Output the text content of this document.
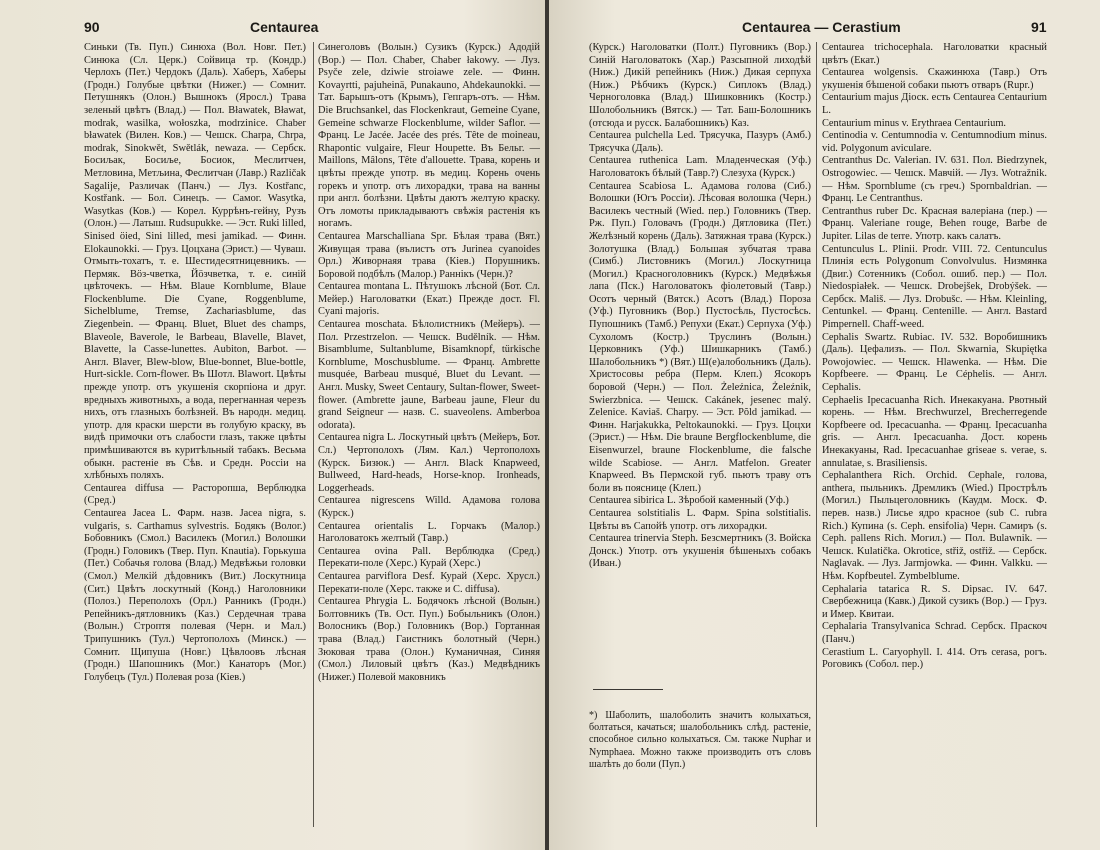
90	Centaurea

Синьки (Тв. Пуп.) Синюха (Вол. Новг. Пет.) Синюка (Сл. Церк.) Сойвица тр. (Кондр.) Черлохъ (Пет.) Чердокъ (Даль). Хаберъ, Хаберы (Гродн.) Голубые цвѣтки (Нижег.) — Сомнит. Петушнякъ (Олон.) Вышнокъ (Яросл.) Трава зеленый цвѣтъ (Влад.) — Пол. Bławatek, Bławat, modrak, wasilka, wołoszka, modrzinice. Chaber bławatek (Вилен. Ков.) — Чешск. Charpa, Chrpa, modrak, Sinokwět, Swětlák, newaza. — Сербск. Босиљак, Босиље, Босиок, Меслитчен, Метловина, Метљина, Фeслитчан (Лавр.) Različak Sagalije, Различак (Панч.) — Луз. Kostřanc, Kostřank. — Бол. Синецъ. — Самог. Wasytka, Wasytkas (Ков.) — Корел. Куррѣнъ-гейну, Рузъ (Олон.) — Латыш. Rudsupukke. — Эст. Ruki lilled, Sinised öied, Sini lilled, mesi jamikad. — Финн. Elokaunokki. — Груз. Цоцхана (Эрист.) — Чуваш. Отмыть-тохатъ, т. е. Шестидесятницевникъ. — Пермяк. Вöз-чветка, Йöзчветка, т. е. синій цвѣточекъ. — Нѣм. Blaue Kornblume, Blaue Flockenblume. Die Cyane, Roggenblume, Sichelblume, Tremse, Zachariasblume, das Ziegenbein. — Франц. Bluet, Bluet des champs, Blaveole, Baverole, le Barbeau, Blavelle, Blavet, Blavette, la Casse-lunettes. Aubiton, Barbot. — Англ. Blaver, Blew-blow, Blue-bonnet, Blue-bottle, Hurt-sickle. Corn-flower. Въ Шотл. Blawort. Цвѣты прежде употр. отъ укушенія скорпіона и друг. вредныхъ животныхъ, а вода, перегнанная черезъ нихъ, отъ глазныхъ болѣзней. Въ народн. медиц. употр. для краски шерсти въ голубую краску, въ видѣ примочки отъ слабости глазъ, также цвѣты примѣшиваются въ куритѣльный табакъ. Весьма обыкн. растеніе въ Сѣв. и Средн. Россіи на хлѣбныхъ поляхъ.

Centaurea diffusa — Расторопша, Верблюдка (Сред.)

Centaurea Jacea L. Фарм. назв. Jacea nigra, s. vulgaris, s. Carthamus sylvestris. Бодякъ (Волог.) Бобовникъ (Смол.) Василекъ (Могил.) Волошки (Гродн.) Головикъ (Твер. Пуп. Knautia). Горькуша (Пет.) Собачья голова (Влад.) Медвѣжьи головки (Смол.) Мелкій дѣдовникъ (Вит.) Лоскутница (Сит.) Цвѣтъ лоскутный (Конд.) Наголовники (Полоз.) Переполохъ (Орл.) Ранникъ (Гродн.) Репейникъ-дятловникъ (Каз.) Сердечная трава (Волын.) Строптя полевая (Черн. и Мал.) Трипушникъ (Тул.) Чертополохъ (Минск.) — Сомнит. Щипуша (Новг.) Цѣвлоовъ лѣсная (Гродн.) Шапошникъ (Мог.) Канаторъ (Мог.) Голубецъ (Тул.) Полевая роза (Кіев.)

Синеголовъ (Волын.) Сузикъ (Курск.) Адодій (Вор.) — Пол. Chaber, Chaber łakowy. — Луз. Psyče zele, dziwie stroiawe zele. — Финн. Kovayrtti, pajuheinä, Punakauno, Ahdekaunokki. — Тат. Барышъ-отъ (Крымъ), Гепгаръ-отъ. — Нѣм. Die Bruchsankel, das Flockenkraut, Gemeine Cyane, Gemeine schwarze Flockenblume, wilder Saflor. — Франц. Le Jacée. Jacée des prés. Tête de moineau, Rhapontic vulgaire, Fleur Houpette. Въ Бельг. — Maillons, Mâlons, Tête d'allouette. Трава, корень и цвѣты прежде употр. въ медиц. Корень очень горекъ и употр. отъ лихорадки, трава на ванны при англ. болѣзни. Цвѣты даютъ желтую краску. Отъ ломоты прикладываютъ свѣжія растенія къ ногамъ.

Centaurea Marschalliana Spr. Бѣлая трава (Вят.) Живущая трава (вълистъ отъ Jurinea cyanoides Орл.) Живорнаяя трава (Кіев.) Порушникъ. Боровой подбѣлъ (Малор.) Раннікъ (Черн.)?

Centaurea montana L. Пѣтушокъ лѣсной (Бот. Сл. Мейер.) Наголоватки (Екат.) Прежде дост. Fl. Cyani majoris.

Centaurea moschata. Бѣлолистникъ (Мейеръ). — Пол. Przestrzelon. — Чешск. Budělník. — Нѣм. Bisamblume, Sultanblume, Bisamknopf, türkische Kornblume, Moschusblume. — Франц. Ambrette musquée, Barbeau musqué, Bluet du Levant. — Англ. Musky, Sweet Centaury, Sultan-flower, Sweet-flower. (Ambrette jaune, Barbeau jaune, Fleur du grand Seigneur — назв. C. suaveolens. Amberboa odorata).

Centaurea nigra L. Лоскутный цвѣтъ (Мейеръ, Бот. Сл.) Чертополохъ (Лям. Кал.) Чертополохъ (Курск. Бизюк.) — Англ. Black Knapweed, Bullweed, Hard-heads, Horse-knop. Ironheads, Loggerheads.

Centaurea nigrescens Willd. Адамова голова (Курск.)

Centaurea orientalis L. Горчакъ (Малор.) Наголоватокъ желтый (Тавр.)

Centaurea ovina Pall. Верблюдка (Сред.) Перекати-поле (Херс.) Курай (Херс.)

Centaurea parviflora Desf. Курай (Херс. Хрусл.) Перекати-поле (Херс. также и C. diffusa).

Centaurea Phrygia L. Бодячокъ лѣсной (Волын.) Болтовникъ (Тв. Ост. Пуп.) Бобыльникъ (Олон.) Волосникъ (Вор.) Головникъ (Вор.) Гортанная трава (Влад.) Гаистникъ болотный (Черн.) Зюковая трава (Олон.) Куманичная, Синяя (Смол.) Лиловый цвѣтъ (Каз.) Медвѣдникъ (Нижег.) Полевой маковникъ

Centaurea — Cerastium	91

(Курск.) Наголоватки (Полт.) Пуговникъ (Вор.) Синій Наголоватокъ (Хар.) Разсыпной лиходѣй (Ниж.) Дикій репейникъ (Ниж.) Дикая серпуха (Ниж.) Рѣбчикъ (Курск.) Сиплокъ (Влад.) Черноголовка (Влад.) Шишковникъ (Костр.) Шолобольникъ (Вятск.) — Тат. Баш-Болошникъ (отсюда и русск. Балабошникъ) Каз.

Centaurea pulchella Led. Трясучка, Пазуръ (Амб.) Трясучка (Даль).

Centaurea ruthenica Lam. Младенческая (Уф.) Наголоватокъ бѣлый (Тавр.?) Слезуха (Курск.)

Centaurea Scabiosa L. Адамова голова (Сиб.) Волошки (Югъ Россіи). Лѣсовая волошка (Черн.) Василекъ честный (Wied. пер.) Головникъ (Твер. Рж. Пуп.) Головачъ (Гродн.) Дятловика (Пет.) Желѣзный корень (Даль). Затяжная трава (Курск.) Золотушка (Влад.) Большая зубчатая трава (Симб.) Листовникъ (Могил.) Лоскутница (Могил.) Красноголовникъ (Курск.) Медвѣжья лапа (Пск.) Наголоватокъ фіолетовый (Тавр.) Осотъ черный (Вятск.) Асотъ (Влад.) Пороза (Уф.) Пуговникъ (Вор.) Пустосѣль, Пустосѣсь. Пупошникъ (Тамб.) Репухи (Екат.) Серпуха (Уф.) Сухоломъ (Костр.) Труслинъ (Волын.) Церковникъ (Уф.) Шишкарникъ (Тамб.) Шалобольникъ *) (Вят.) Ш(е)алобольникъ (Даль). Христосовы ребра (Перм. Клеп.) Ясокоръ боровой (Черн.) — Пол. Żeleźnica, Żeleźnik, Swierzbnica. — Чешск. Cakánek, jesenec malý. Zelenice. Kaviaš. Charpy. — Эст. Põld jamikad. — Финн. Harjakukka, Peltokaunokki. — Груз. Цоцхи (Эрист.) — Нѣм. Die braune Bergflockenblume, die Eisenwurzel, braune Flockenblume, die falsche wilde Scabiose. — Англ. Matfelon. Greater Knapweed. Въ Пермской губ. пьютъ траву отъ боли въ пояснице (Клеп.)

Centaurea sibirica L. Зѣробой каменный (Уф.)

Centaurea solstitialis L. Фарм. Spina solstitialis. Цвѣты въ Сапойѣ употр. отъ лихорадки.

Centaurea trinervia Steph. Безсмертникъ (З. Войска Донск.) Употр. отъ укушенія бѣшеныхъ собакъ (Иван.)

*) Шаболить, шалоболить значитъ колыхаться, болтаться, качаться; шалобольникъ слѣд. растеніе, способное сильно колыхаться. См. также Nuphar и Nymphaea. Можно также производить отъ словъ шалѣть до боли (Пуп.)

Centaurea trichocephala. Наголоватки красный цвѣтъ (Екат.)

Centaurea wolgensis. Скажинюха (Тавр.) Отъ укушенія бѣшеной собаки пьютъ отваръ (Rupr.)

Centaurium majus Діоск. есть Centaurea Centaurium L.

Centaurium minus v. Erythraea Centaurium.

Centinodia v. Centumnodia v. Centumnodium minus. vid. Polygonum aviculare.

Centranthus Dc. Valerian. IV. 631. Пол. Biedrzynek, Ostrogowiec. — Чешск. Мавчій. — Луз. Wotražnik. — Нѣм. Spornblume (съ греч.) Spornbaldrian. — Франц. Le Centranthus.

Centranthus ruber Dc. Красная валеріана (пер.) — Франц. Valeriane rouge, Behen rouge, Barbe de Jupiter. Lilas de terre. Употр. какъ салатъ.

Centunculus L. Plinii. Prodr. VIII. 72. Centunculus Плинія есть Polygonum Convolvulus. Низмянка (Двиг.) Сотенникъ (Собол. ошиб. пер.) — Пол. Niedospiałek. — Чешск. Drobejšek, Drobýšek. — Сербск. Mališ. — Луз. Drobušc. — Нѣм. Kleinling, Centunkel. — Франц. Centenille. — Англ. Bastard Pimpernell. Chaff-weed.

Cephalis Swartz. Rubiac. IV. 532. Воробишникъ (Даль). Цефализъ. — Пол. Skwarnia, Skupiętka Powojowiec. — Чешск. Hlawenka. — Нѣм. Die Kopfbeere. — Франц. Le Céphelis. — Англ. Cephalis.

Cephaelis Ipecacuanha Rich. Инекакуана. Рвотный корень. — Нѣм. Brechwurzel, Brecherregende Kopfbeere od. Ipecacuanha. — Франц. Ipecacuanha gris. — Англ. Ipecacuanha. Дост. корень Инекакуаны, Rad. Ipecacuanhae griseae s. verae, s. annulatae, s. Brasiliensis.

Cephalanthera Rich. Orchid. Cephale, голова, anthera, пыльникъ. Дремликъ (Wied.) Прострѣлъ (Могил.) Пыльцеголовникъ (Каудм. Моск. Ф. перев. назв.) Лисье ядро красное (sub C. rubra Rich.) Купина (s. Ceph. ensifolia) Черн. Самиръ (s. Ceph. pallens Rich. Могил.) — Пол. Bulawnik. — Чешск. Kulatička. Okrotice, střiž, ostřiž. — Сербск. Naglavak. — Луз. Jarmjowka. — Финн. Valkku. — Нѣм. Kopfbeutel. Zymbelblume.

Cephalaria tatarica R. S. Dipsac. IV. 647. Свербежница (Кавк.) Дикой сузикъ (Вор.) — Груз. и Имер. Квитаи.

Cephalaria Transylvanica Schrad. Сербск. Праскоч (Панч.)

Cerastium L. Caryophyll. I. 414. Отъ cerasa, рогъ. Роговикъ (Собол. пер.)
